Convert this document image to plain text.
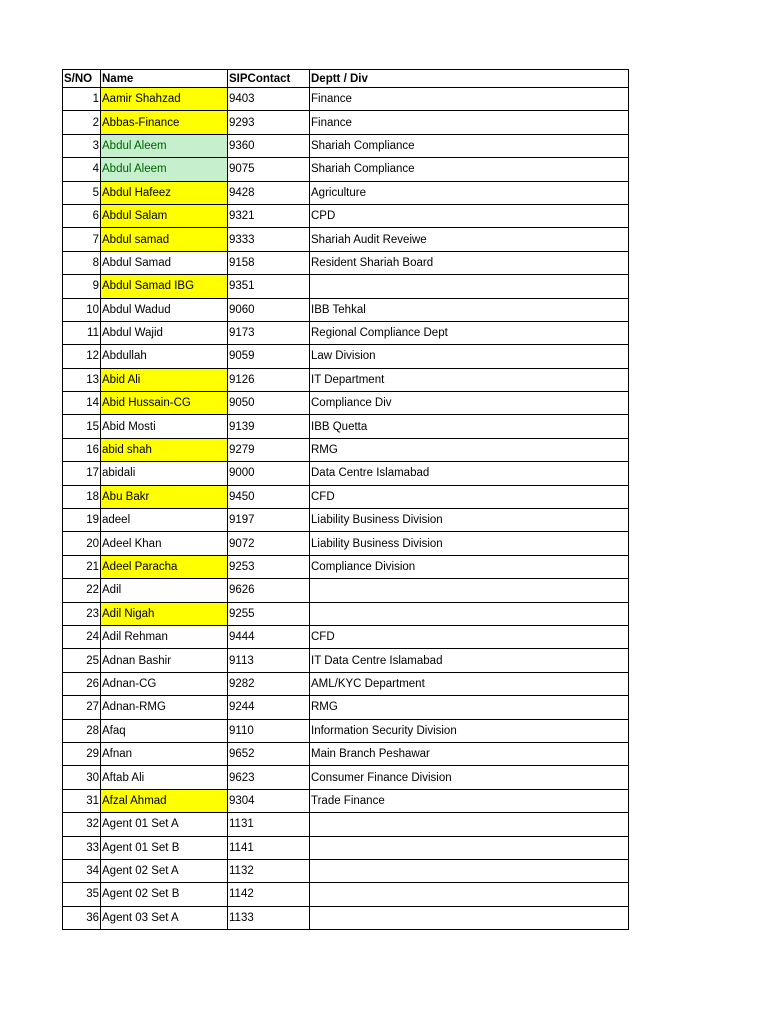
S/NO	Name	SIPContact	Deptt / Div
1	Aamir Shahzad	9403	Finance
2	Abbas-Finance	9293	Finance
3	Abdul Aleem	9360	Shariah Compliance
4	Abdul Aleem	9075	Shariah Compliance
5	Abdul Hafeez	9428	Agriculture
6	Abdul Salam	9321	CPD
7	Abdul samad	9333	Shariah Audit Reveiwe
8	Abdul Samad	9158	Resident Shariah Board
9	Abdul Samad IBG	9351	
10	Abdul Wadud	9060	IBB Tehkal
11	Abdul Wajid	9173	Regional Compliance Dept
12	Abdullah	9059	Law Division
13	Abid Ali	9126	IT Department
14	Abid Hussain-CG	9050	Compliance Div
15	Abid Mosti	9139	IBB Quetta
16	abid shah	9279	RMG
17	abidali	9000	Data Centre Islamabad
18	Abu Bakr	9450	CFD
19	adeel	9197	Liability Business Division
20	Adeel Khan	9072	Liability Business Division
21	Adeel Paracha	9253	Compliance Division
22	Adil	9626	
23	Adil Nigah	9255	
24	Adil Rehman	9444	CFD
25	Adnan Bashir	9113	IT Data Centre Islamabad
26	Adnan-CG	9282	AML/KYC Department
27	Adnan-RMG	9244	RMG
28	Afaq	9110	Information Security Division
29	Afnan	9652	Main Branch Peshawar
30	Aftab Ali	9623	Consumer Finance Division
31	Afzal Ahmad	9304	Trade Finance
32	Agent 01 Set A	1131	
33	Agent 01 Set B	1141	
34	Agent 02 Set A	1132	
35	Agent 02 Set B	1142	
36	Agent 03 Set A	1133	
